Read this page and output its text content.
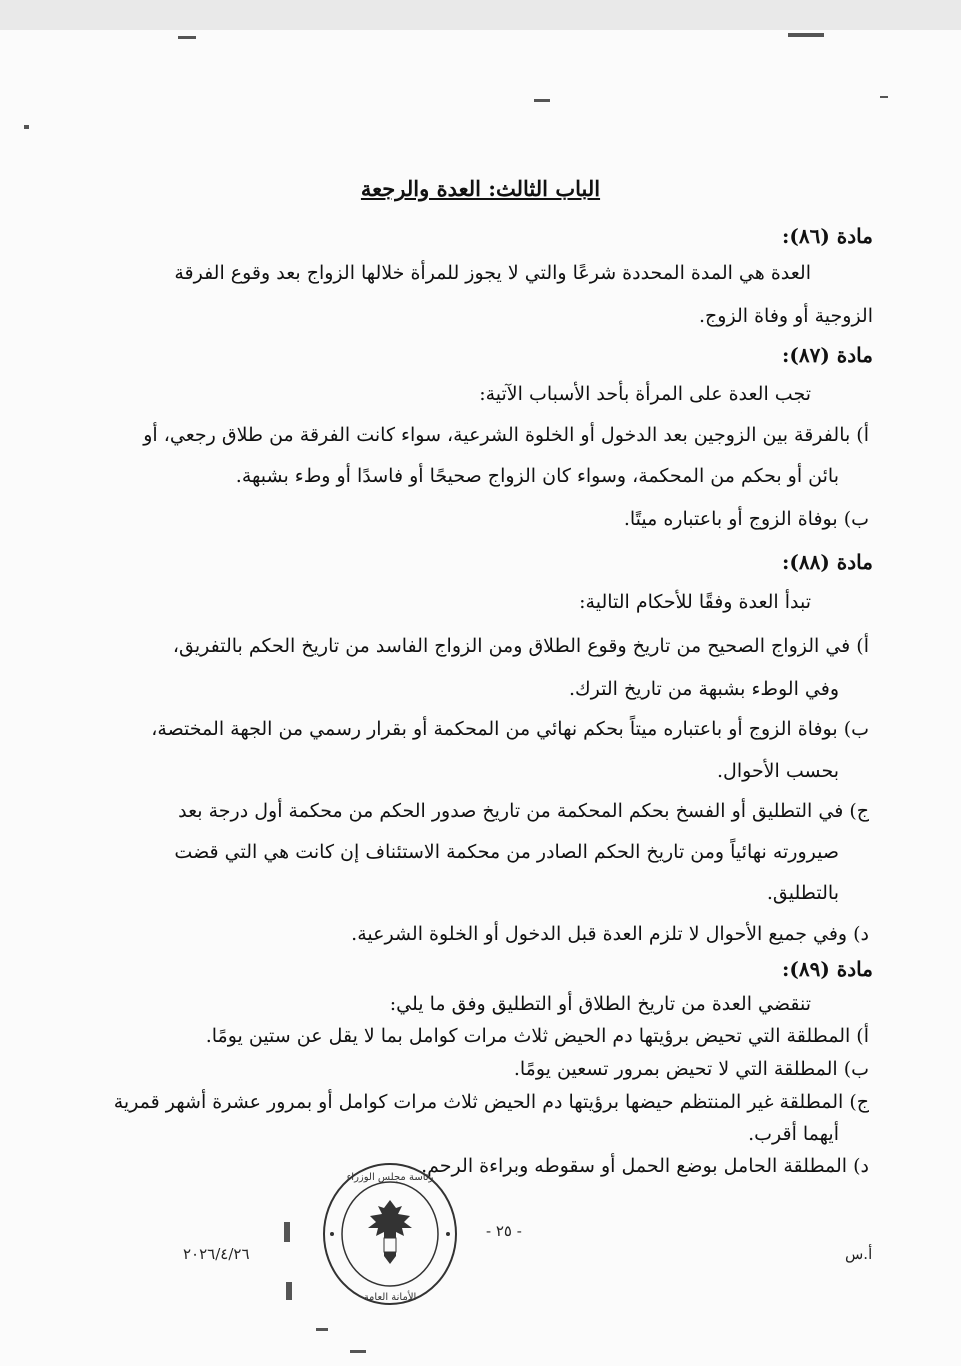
الباب الثالث: العدة والرجعة
مادة (٨٦):
العدة هي المدة المحددة شرعًا والتي لا يجوز للمرأة خلالها الزواج بعد وقوع الفرقة
الزوجية أو وفاة الزوج.
مادة (٨٧):
تجب العدة على المرأة بأحد الأسباب الآتية:
أ) بالفرقة بين الزوجين بعد الدخول أو الخلوة الشرعية، سواء كانت الفرقة من طلاق رجعي، أو
بائن أو بحكم من المحكمة، وسواء كان الزواج صحيحًا أو فاسدًا أو وطء بشبهة.
ب) بوفاة الزوج أو باعتباره ميتًا.
مادة (٨٨):
تبدأ العدة وفقًا للأحكام التالية:
أ) في الزواج الصحيح من تاريخ وقوع الطلاق ومن الزواج الفاسد من تاريخ الحكم بالتفريق،
وفي الوطء بشبهة من تاريخ الترك.
ب) بوفاة الزوج أو باعتباره ميتاً بحكم نهائي من المحكمة أو بقرار رسمي من الجهة المختصة،
بحسب الأحوال.
ج) في التطليق أو الفسخ بحكم المحكمة من تاريخ صدور الحكم من محكمة أول درجة بعد
صيرورته نهائياً ومن تاريخ الحكم الصادر من محكمة الاستئناف إن كانت هي التي قضت
بالتطليق.
د) وفي جميع الأحوال لا تلزم العدة قبل الدخول أو الخلوة الشرعية.
مادة (٨٩):
تنقضي العدة من تاريخ الطلاق أو التطليق وفق ما يلي:
أ) المطلقة التي تحيض برؤيتها دم الحيض ثلاث مرات كوامل بما لا يقل عن ستين يومًا.
ب) المطلقة التي لا تحيض بمرور تسعين يومًا.
ج) المطلقة غير المنتظم حيضها برؤيتها دم الحيض ثلاث مرات كوامل أو بمرور عشرة أشهر قمرية
أيهما أقرب.
د) المطلقة الحامل بوضع الحمل أو سقوطه وبراءة الرحم.
- ٢٥ -
٢٠٢٦/٤/٢٦	أ.س
رئاسة مجلس الوزراء
الأمانة العامة
